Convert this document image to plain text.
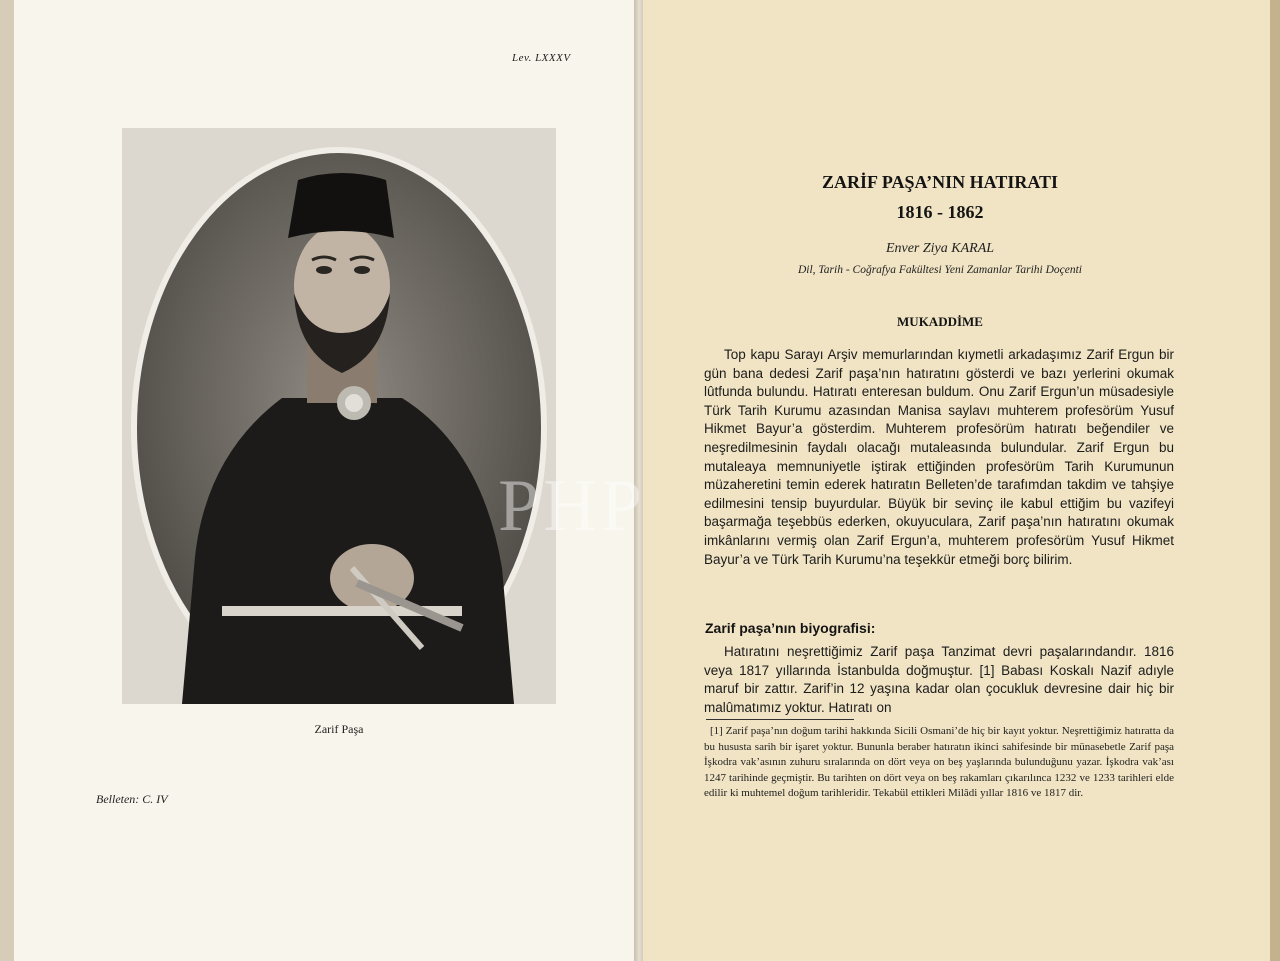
Lev. LXXXV
Zarif Paşa
Belleten: C. IV
ZARİF PAŞA’NIN HATIRATI
1816 - 1862
Enver Ziya KARAL
Dil, Tarih - Coğrafya Fakültesi Yeni Zamanlar Tarihi Doçenti
MUKADDİME

Top kapu Sarayı Arşiv memurlarından kıymetli arkadaşımız Zarif Ergun bir gün bana dedesi Zarif paşa’nın hatıratını gösterdi ve bazı yerlerini okumak lûtfunda bulundu. Hatıratı enteresan buldum. Onu Zarif Ergun’un müsadesiyle Türk Tarih Kurumu azasından Manisa saylavı muhterem profesörüm Yusuf Hikmet Bayur’a gösterdim. Muhterem profesörüm hatıratı beğendiler ve neşredilmesinin faydalı olacağı mutaleasında bulundular. Zarif Ergun bu mutaleaya memnuniyetle iştirak ettiğinden profesörüm Tarih Kurumunun müzaheretini temin ederek hatıratın Belleten’de tarafımdan takdim ve tahşiye edilmesini tensip buyurdular. Büyük bir sevinç ile kabul ettiğim bu vazifeyi başarmağa teşebbüs ederken, okuyuculara, Zarif paşa’nın hatıratını okumak imkânlarını vermiş olan Zarif Ergun’a, muhterem profesörüm Yusuf Hikmet Bayur’a ve Türk Tarih Kurumu’na teşekkür etmeği borç bilirim.

Zarif paşa’nın biyografisi:

Hatıratını neşrettiğimiz Zarif paşa Tanzimat devri paşalarındandır. 1816 veya 1817 yıllarında İstanbulda doğmuştur. [1] Babası Koskalı Nazif adıyle maruf bir zattır. Zarif’in 12 yaşına kadar olan çocukluk devresine dair hiç bir malûmatımız yoktur. Hatıratı on

[1] Zarif paşa’nın doğum tarihi hakkında Sicili Osmani’de hiç bir kayıt yoktur. Neşrettiğimiz hatıratta da bu hususta sarih bir işaret yoktur. Bununla beraber hatıratın ikinci sahifesinde bir münasebetle Zarif paşa İşkodra vak’asının zuhuru sıralarında on dört veya on beş yaşlarında bulunduğunu yazar. İşkodra vak’ası 1247 tarihinde geçmiştir. Bu tarihten on dört veya on beş rakamları çıkarılınca 1232 ve 1233 tarihleri elde edilir ki muhtemel doğum tarihleridir. Tekabül ettikleri Milâdi yıllar 1816 ve 1817 dir.

PHP
